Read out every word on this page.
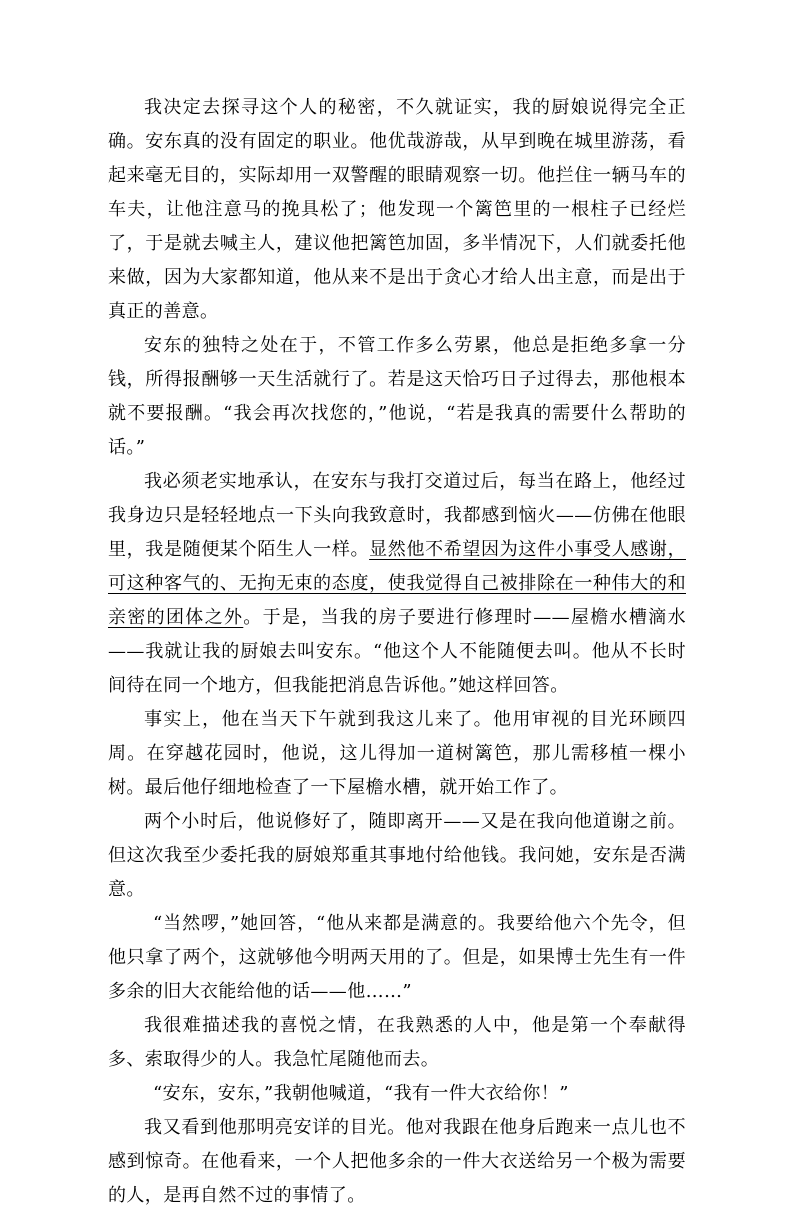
我决定去探寻这个人的秘密，不久就证实，我的厨娘说得完全正确。安东真的没有固定的职业。他优哉游哉，从早到晚在城里游荡，看起来毫无目的，实际却用一双警醒的眼睛观察一切。他拦住一辆马车的车夫，让他注意马的挽具松了；他发现一个篱笆里的一根柱子已经烂了，于是就去喊主人，建议他把篱笆加固，多半情况下，人们就委托他来做，因为大家都知道，他从来不是出于贪心才给人出主意，而是出于真正的善意。

安东的独特之处在于，不管工作多么劳累，他总是拒绝多拿一分钱，所得报酬够一天生活就行了。若是这天恰巧日子过得去，那他根本就不要报酬。“我会再次找您的，”他说，“若是我真的需要什么帮助的话。”

我必须老实地承认，在安东与我打交道过后，每当在路上，他经过我身边只是轻轻地点一下头向我致意时，我都感到恼火——仿佛在他眼里，我是随便某个陌生人一样。显然他不希望因为这件小事受人感谢，可这种客气的、无拘无束的态度，使我觉得自己被排除在一种伟大的和亲密的团体之外。于是，当我的房子要进行修理时——屋檐水槽滴水——我就让我的厨娘去叫安东。“他这个人不能随便去叫。他从不长时间待在同一个地方，但我能把消息告诉他。”她这样回答。

事实上，他在当天下午就到我这儿来了。他用审视的目光环顾四周。在穿越花园时，他说，这儿得加一道树篱笆，那儿需移植一棵小树。最后他仔细地检查了一下屋檐水槽，就开始工作了。

两个小时后，他说修好了，随即离开——又是在我向他道谢之前。但这次我至少委托我的厨娘郑重其事地付给他钱。我问她，安东是否满意。

“当然啰，”她回答，“他从来都是满意的。我要给他六个先令，但他只拿了两个，这就够他今明两天用的了。但是，如果博士先生有一件多余的旧大衣能给他的话——他……”

我很难描述我的喜悦之情，在我熟悉的人中，他是第一个奉献得多、索取得少的人。我急忙尾随他而去。

“安东，安东，”我朝他喊道，“我有一件大衣给你！”

我又看到他那明亮安详的目光。他对我跟在他身后跑来一点儿也不感到惊奇。在他看来，一个人把他多余的一件大衣送给另一个极为需要的人，是再自然不过的事情了。
